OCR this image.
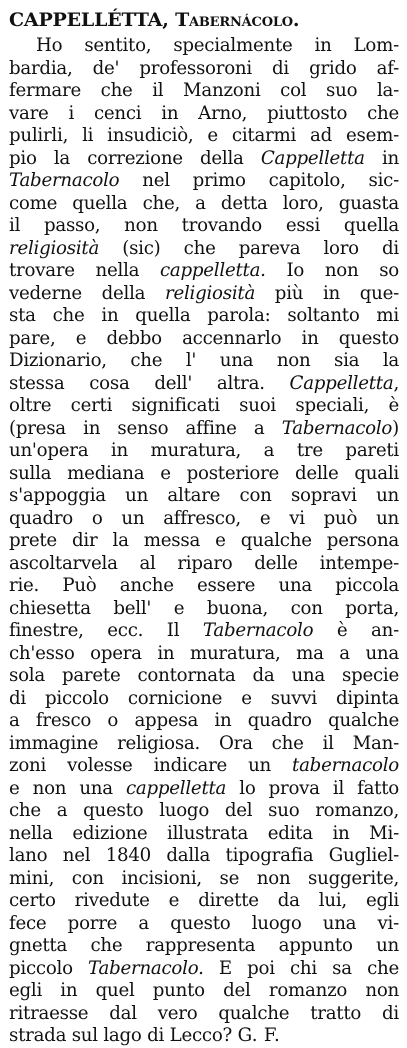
CAPPELLÉTTA, Tabernácolo.
Ho sentito, specialmente in Lom-
bardia, de' professoroni di grido af-
fermare che il Manzoni col suo la-
vare i cenci in Arno, piuttosto che
pulirli, li insudiciò, e citarmi ad esem-
pio la correzione della Cappelletta in
Tabernacolo nel primo capitolo, sic-
come quella che, a detta loro, guasta
il passo, non trovando essi quella
religiosità (sic) che pareva loro di
trovare nella cappelletta. Io non so
vederne della religiosità più in que-
sta che in quella parola: soltanto mi
pare, e debbo accennarlo in questo
Dizionario, che l' una non sia la
stessa cosa dell' altra. Cappelletta,
oltre certi significati suoi speciali, è
(presa in senso affine a Tabernacolo)
un'opera in muratura, a tre pareti
sulla mediana e posteriore delle quali
s'appoggia un altare con sopravi un
quadro o un affresco, e vi può un
prete dir la messa e qualche persona
ascoltarvela al riparo delle intempe-
rie. Può anche essere una piccola
chiesetta bell' e buona, con porta,
finestre, ecc. Il Tabernacolo è an-
ch'esso opera in muratura, ma a una
sola parete contornata da una specie
di piccolo cornicione e suvvi dipinta
a fresco o appesa in quadro qualche
immagine religiosa. Ora che il Man-
zoni volesse indicare un tabernacolo
e non una cappelletta lo prova il fatto
che a questo luogo del suo romanzo,
nella edizione illustrata edita in Mi-
lano nel 1840 dalla tipografia Gugliel-
mini, con incisioni, se non suggerite,
certo rivedute e dirette da lui, egli
fece porre a questo luogo una vi-
gnetta che rappresenta appunto un
piccolo Tabernacolo. E poi chi sa che
egli in quel punto del romanzo non
ritraesse dal vero qualche tratto di
strada sul lago di Lecco? G. F.
